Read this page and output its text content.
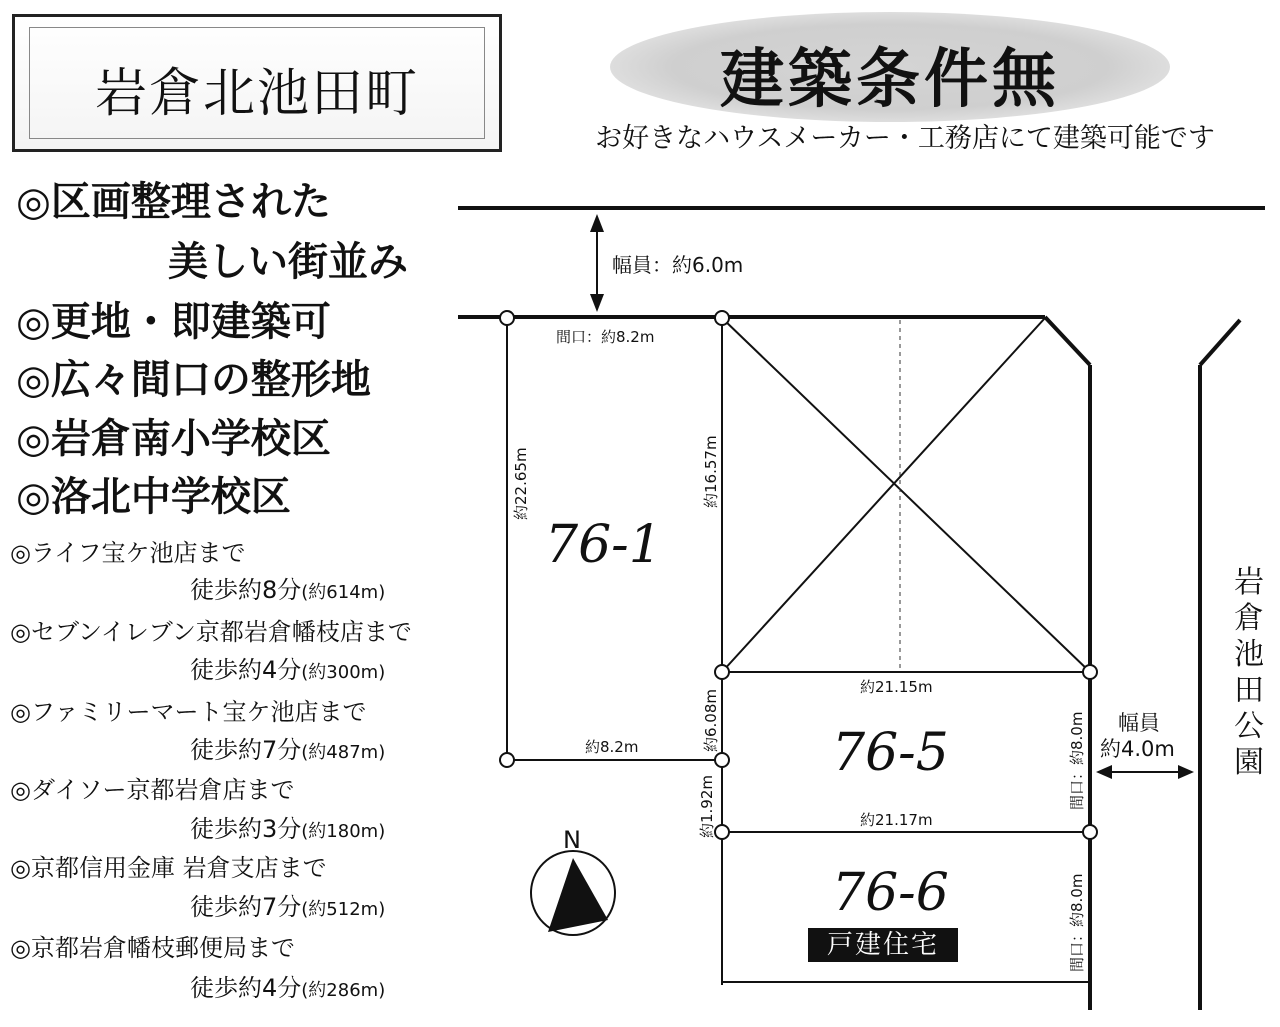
岩倉北池田町	建築条件無
お好きなハウスメーカー・工務店にて建築可能です
◎区画整理された
美しい街並み
◎更地・即建築可
◎広々間口の整形地
◎岩倉南小学校区
◎洛北中学校区
◎ライフ宝ケ池店まで
徒歩約8分(約614m)
◎セブンイレブン京都岩倉幡枝店まで
徒歩約4分(約300m)
◎ファミリーマート宝ケ池店まで
徒歩約7分(約487m)
◎ダイソー京都岩倉店まで
徒歩約3分(約180m)
◎京都信用金庫 岩倉支店まで
徒歩約7分(約512m)
◎京都岩倉幡枝郵便局まで
徒歩約4分(約286m)
幅員：約6.0m
間口：約8.2m
約22.65m
約8.2m
約16.57m
約21.15m
約6.08m	間口：約8.0m
約1.92m	約21.17m
間口：約8.0m
76-1
76-5
76-6
幅員
約4.0m
岩倉池田公園
N
戸建住宅
